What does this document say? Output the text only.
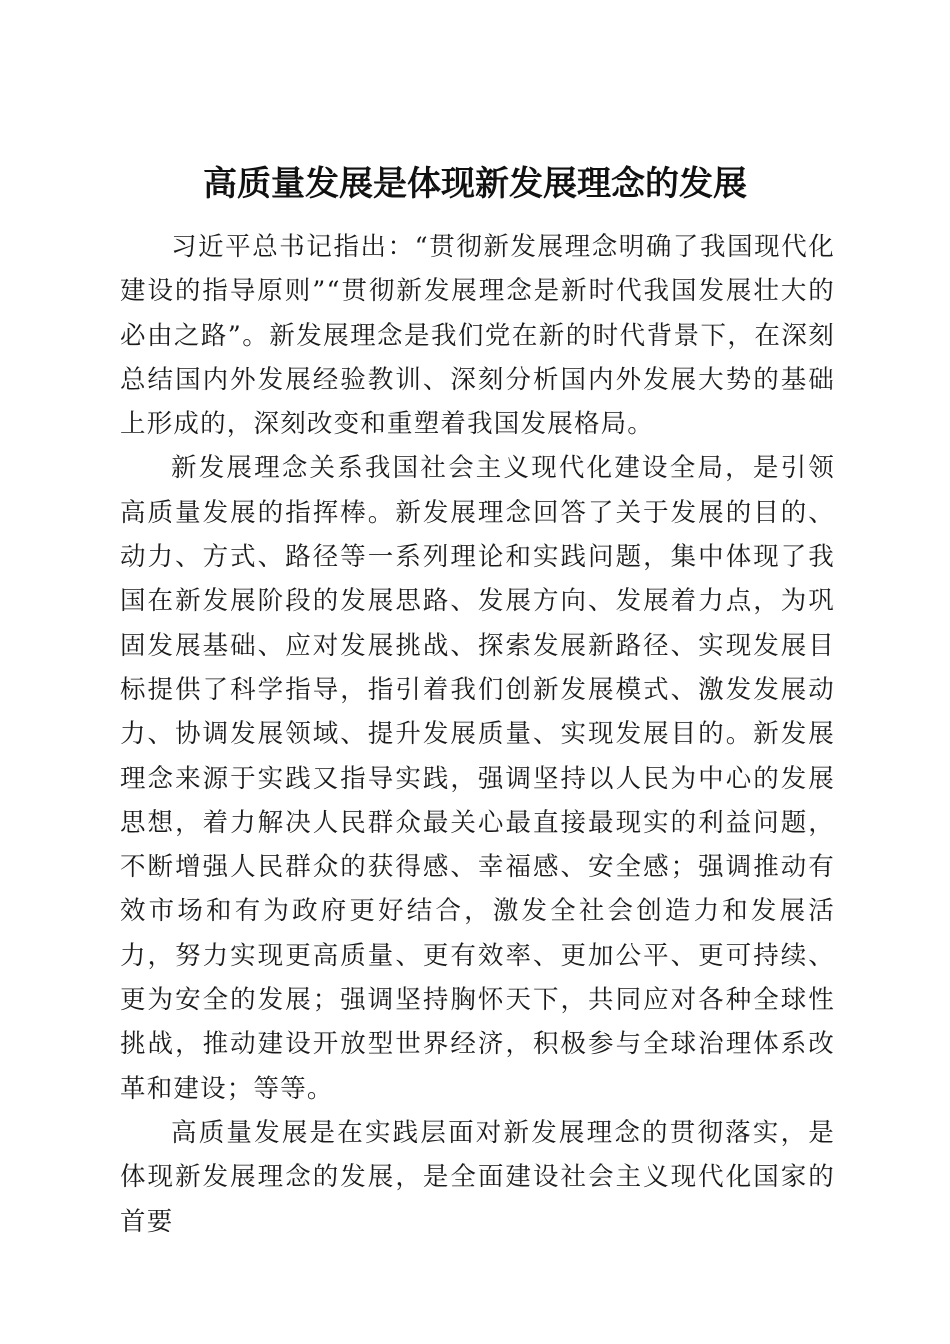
高质量发展是体现新发展理念的发展

习近平总书记指出：“贯彻新发展理念明确了我国现代化建设的指导原则”“贯彻新发展理念是新时代我国发展壮大的必由之路”。新发展理念是我们党在新的时代背景下，在深刻总结国内外发展经验教训、深刻分析国内外发展大势的基础上形成的，深刻改变和重塑着我国发展格局。

新发展理念关系我国社会主义现代化建设全局，是引领高质量发展的指挥棒。新发展理念回答了关于发展的目的、动力、方式、路径等一系列理论和实践问题，集中体现了我国在新发展阶段的发展思路、发展方向、发展着力点，为巩固发展基础、应对发展挑战、探索发展新路径、实现发展目标提供了科学指导，指引着我们创新发展模式、激发发展动力、协调发展领域、提升发展质量、实现发展目的。新发展理念来源于实践又指导实践，强调坚持以人民为中心的发展思想，着力解决人民群众最关心最直接最现实的利益问题，不断增强人民群众的获得感、幸福感、安全感；强调推动有效市场和有为政府更好结合，激发全社会创造力和发展活力，努力实现更高质量、更有效率、更加公平、更可持续、更为安全的发展；强调坚持胸怀天下，共同应对各种全球性挑战，推动建设开放型世界经济，积极参与全球治理体系改革和建设；等等。

高质量发展是在实践层面对新发展理念的贯彻落实，是体现新发展理念的发展，是全面建设社会主义现代化国家的首要
